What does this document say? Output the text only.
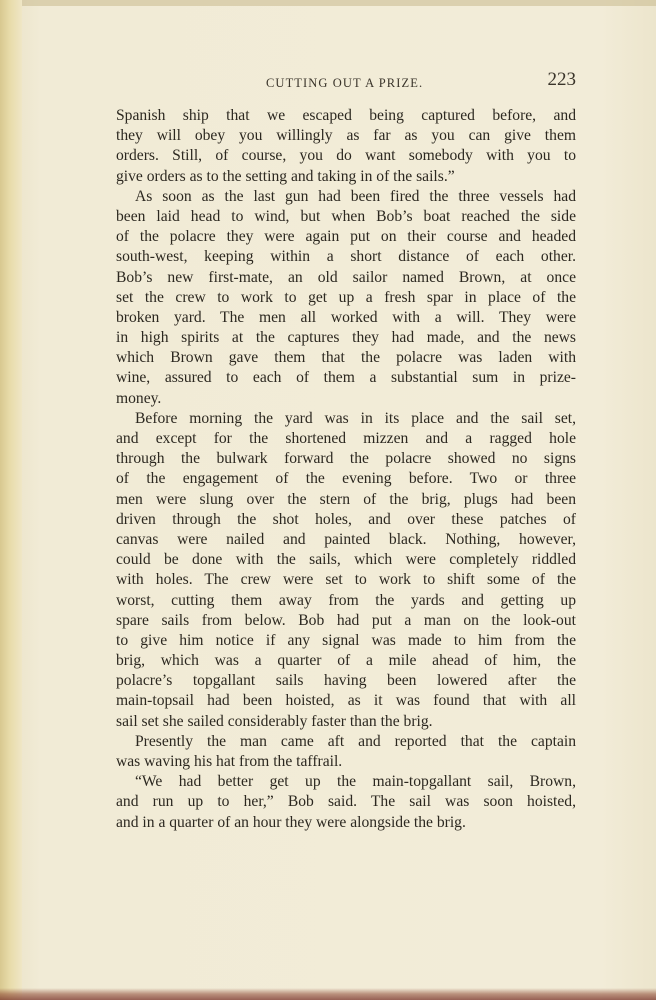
CUTTING OUT A PRIZE.	223
Spanish ship that we escaped being captured before, and
they will obey you willingly as far as you can give them
orders. Still, of course, you do want somebody with you to
give orders as to the setting and taking in of the sails.”
As soon as the last gun had been fired the three vessels had
been laid head to wind, but when Bob’s boat reached the side
of the polacre they were again put on their course and headed
south-west, keeping within a short distance of each other.
Bob’s new first-mate, an old sailor named Brown, at once
set the crew to work to get up a fresh spar in place of the
broken yard. The men all worked with a will. They were
in high spirits at the captures they had made, and the news
which Brown gave them that the polacre was laden with
wine, assured to each of them a substantial sum in prize-
money.
Before morning the yard was in its place and the sail set,
and except for the shortened mizzen and a ragged hole
through the bulwark forward the polacre showed no signs
of the engagement of the evening before. Two or three
men were slung over the stern of the brig, plugs had been
driven through the shot holes, and over these patches of
canvas were nailed and painted black. Nothing, however,
could be done with the sails, which were completely riddled
with holes. The crew were set to work to shift some of the
worst, cutting them away from the yards and getting up
spare sails from below. Bob had put a man on the look-out
to give him notice if any signal was made to him from the
brig, which was a quarter of a mile ahead of him, the
polacre’s topgallant sails having been lowered after the
main-topsail had been hoisted, as it was found that with all
sail set she sailed considerably faster than the brig.
Presently the man came aft and reported that the captain
was waving his hat from the taffrail.
“We had better get up the main-topgallant sail, Brown,
and run up to her,” Bob said. The sail was soon hoisted,
and in a quarter of an hour they were alongside the brig.
